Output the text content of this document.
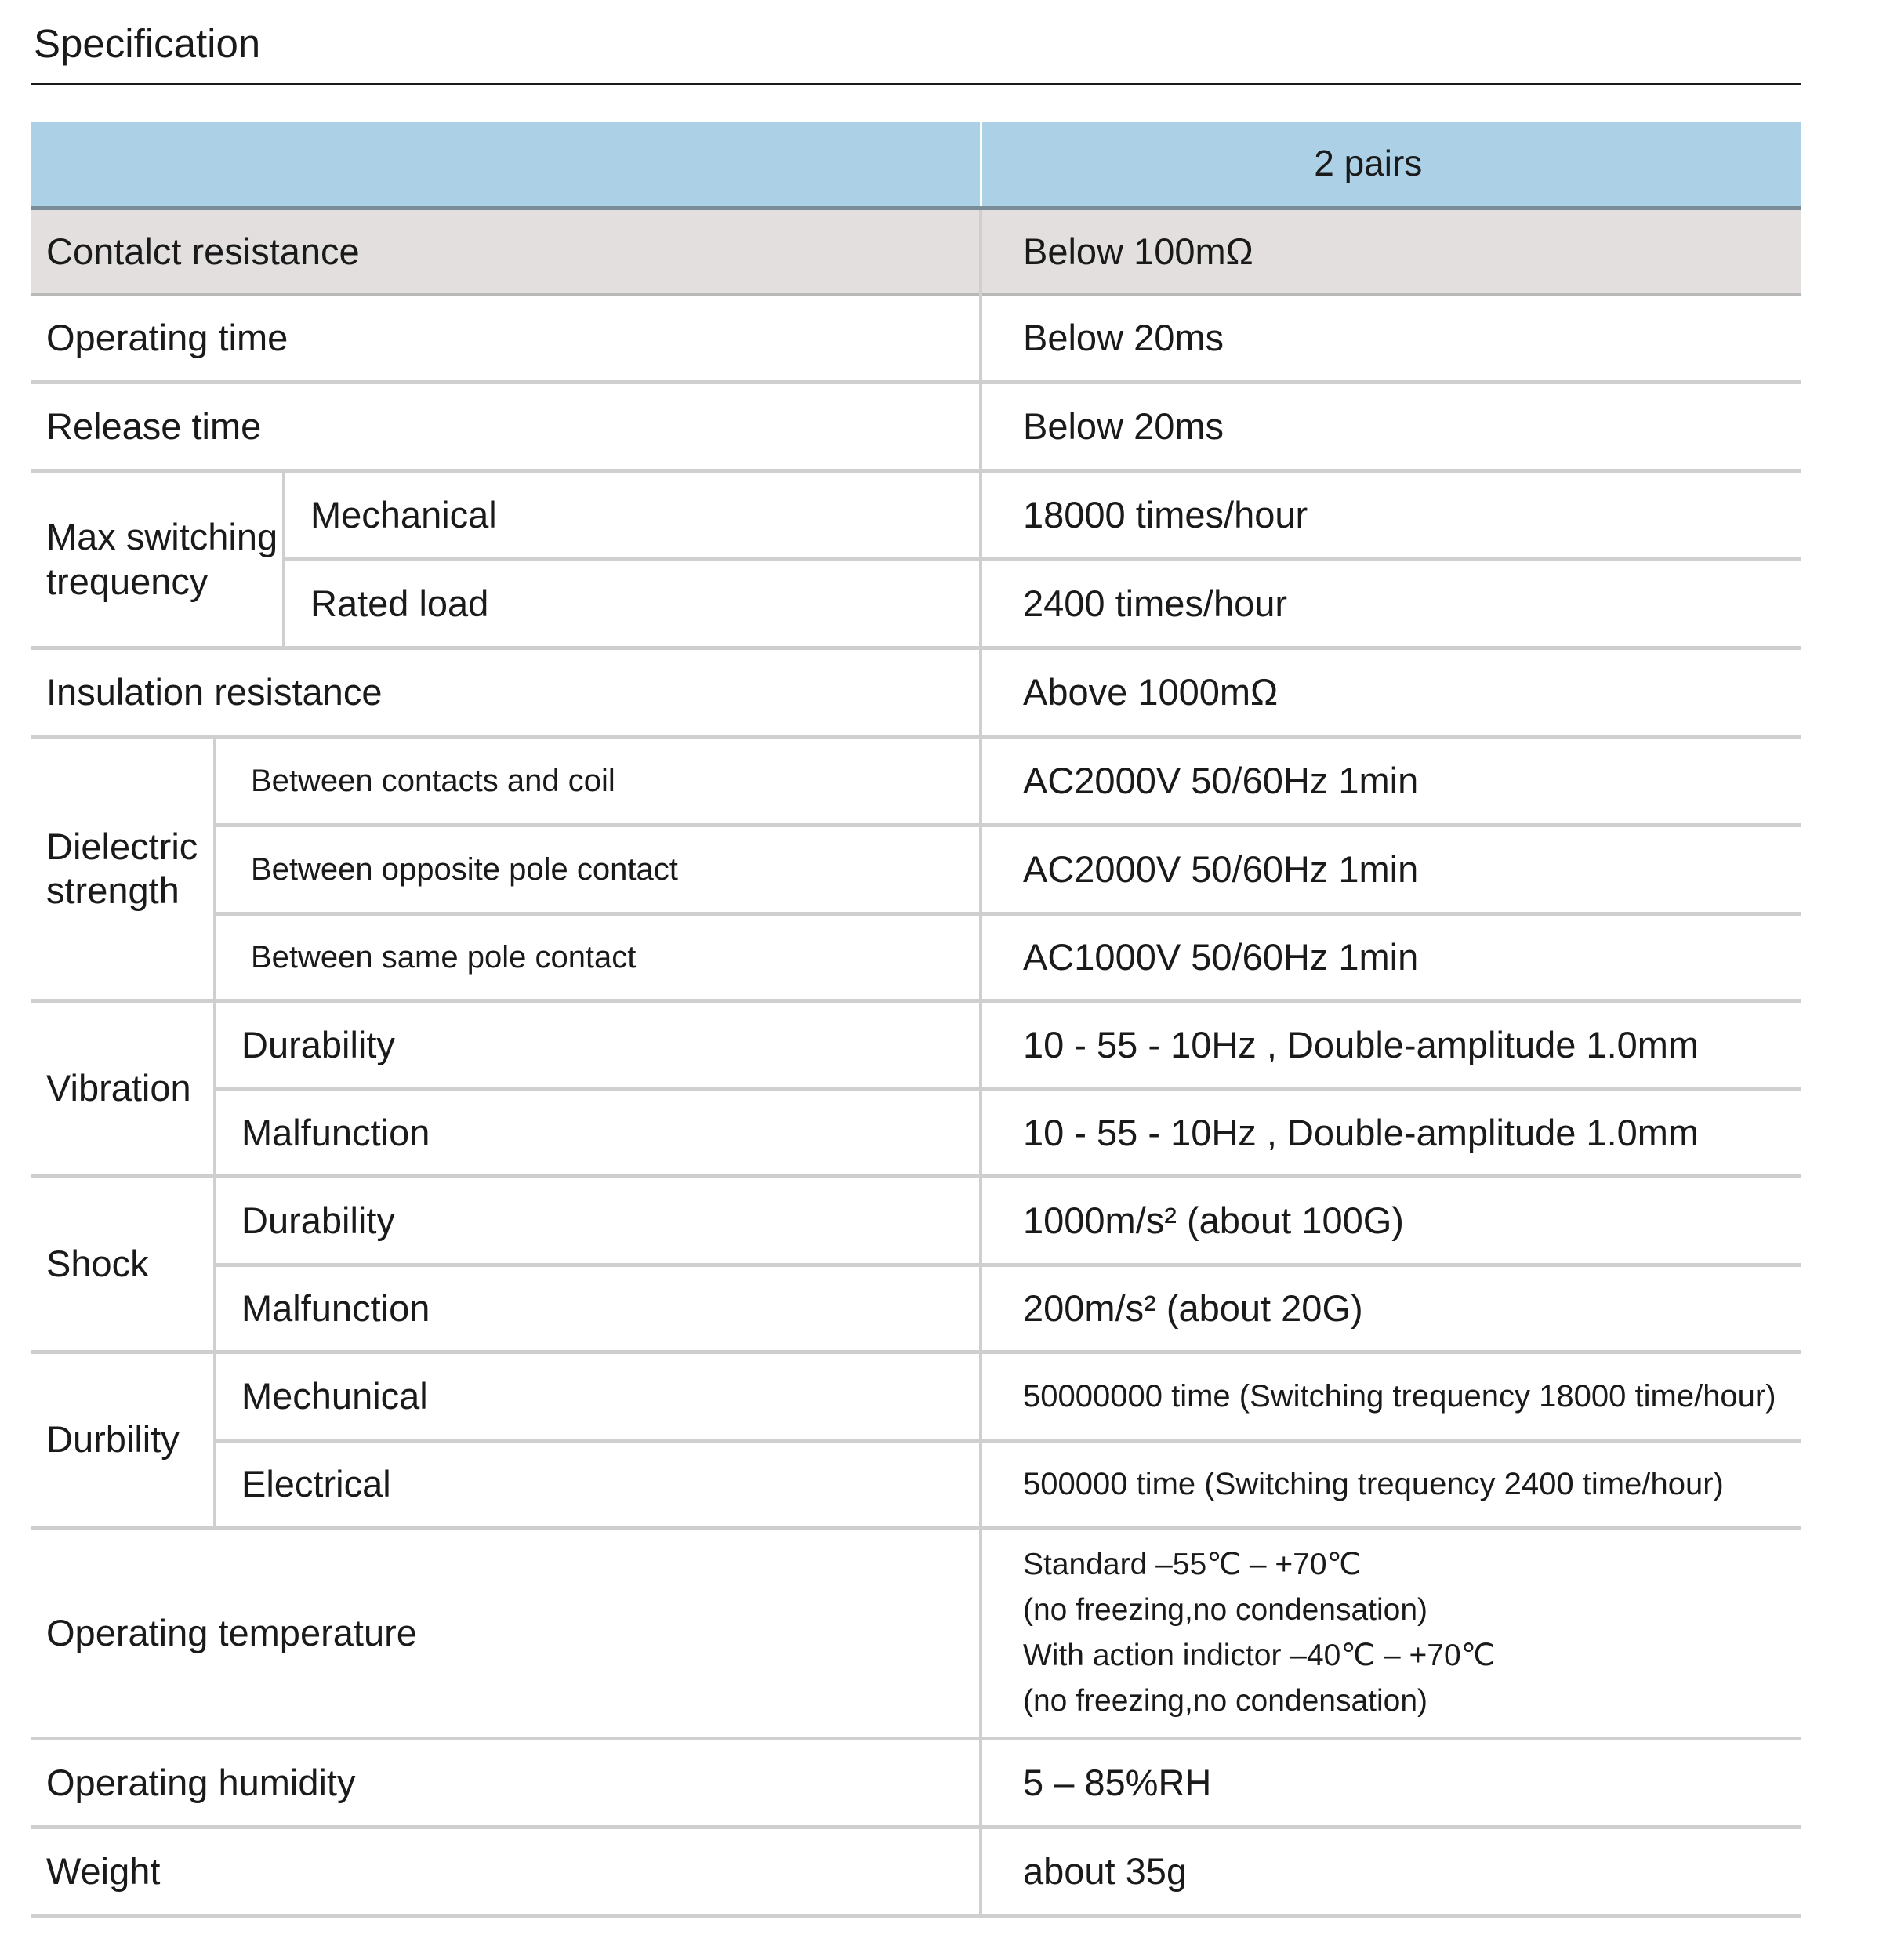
Specification
			2 pairs
Contalct resistance			Below 100mΩ
Operating time			Below 20ms
Release time			Below 20ms
Max switching trequency		Mechanical	18000 times/hour
		Rated load	2400 times/hour
Insulation resistance			Above 1000mΩ
Dielectric strength	Between contacts and coil		AC2000V 50/60Hz 1min
	Between opposite pole contact		AC2000V 50/60Hz 1min
	Between same pole contact		AC1000V 50/60Hz 1min
Vibration	Durability		10 - 55 - 10Hz , Double-amplitude 1.0mm
	Malfunction		10 - 55 - 10Hz , Double-amplitude 1.0mm
Shock	Durability		1000m/s² (about 100G)
	Malfunction		200m/s² (about 20G)
Durbility	Mechunical		50000000 time (Switching trequency 18000 time/hour)
	Electrical		500000 time (Switching trequency 2400 time/hour)
Operating temperature			Standard –55℃ – +70℃
(no freezing,no condensation)
With action indictor –40℃ – +70℃
(no freezing,no condensation)

Operating humidity			5 – 85%RH
Weight			about 35g
